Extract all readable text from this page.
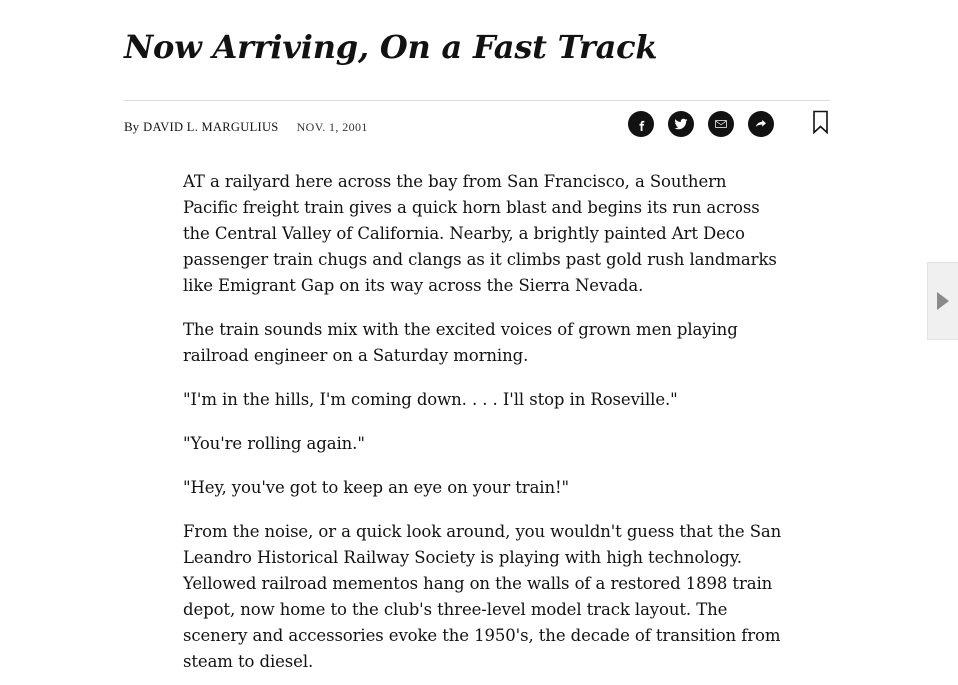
Now Arriving, On a Fast Track
By DAVID L. MARGULIUS NOV. 1, 2001

AT a railyard here across the bay from San Francisco, a Southern Pacific freight train gives a quick horn blast and begins its run across the Central Valley of California. Nearby, a brightly painted Art Deco passenger train chugs and clangs as it climbs past gold rush landmarks like Emigrant Gap on its way across the Sierra Nevada.

The train sounds mix with the excited voices of grown men playing railroad engineer on a Saturday morning.

"I'm in the hills, I'm coming down. . . . I'll stop in Roseville."

"You're rolling again."

"Hey, you've got to keep an eye on your train!"

From the noise, or a quick look around, you wouldn't guess that the San Leandro Historical Railway Society is playing with high technology. Yellowed railroad mementos hang on the walls of a restored 1898 train depot, now home to the club's three-level model track layout. The scenery and accessories evoke the 1950's, the decade of transition from steam to diesel.
